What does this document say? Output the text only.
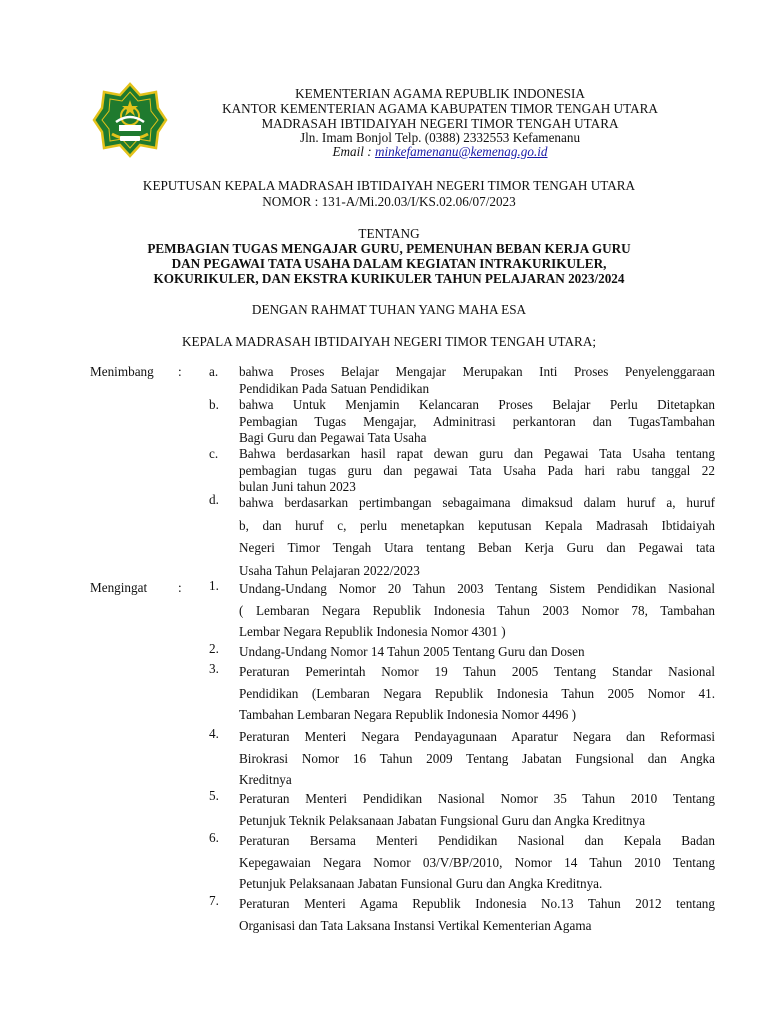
KEMENTERIAN AGAMA REPUBLIK INDONESIA
KANTOR KEMENTERIAN AGAMA KABUPATEN TIMOR TENGAH UTARA
MADRASAH IBTIDAIYAH NEGERI TIMOR TENGAH UTARA
Jln. Imam Bonjol Telp. (0388) 2332553 Kefamenanu
Email : minkefamenanu@kemenag.go.id
KEPUTUSAN KEPALA MADRASAH IBTIDAIYAH NEGERI TIMOR TENGAH UTARA
NOMOR : 131-A/Mi.20.03/I/KS.02.06/07/2023
TENTANG
PEMBAGIAN TUGAS MENGAJAR GURU, PEMENUHAN BEBAN KERJA GURU
DAN PEGAWAI TATA USAHA DALAM KEGIATAN INTRAKURIKULER,
KOKURIKULER, DAN EKSTRA KURIKULER TAHUN PELAJARAN 2023/2024
DENGAN RAHMAT TUHAN YANG MAHA ESA
KEPALA MADRASAH IBTIDAIYAH NEGERI TIMOR TENGAH UTARA;
Menimbang : a. bahwa Proses Belajar Mengajar Merupakan Inti Proses Penyelenggaraan
Pendidikan Pada Satuan Pendidikan
b. bahwa Untuk Menjamin Kelancaran Proses Belajar Perlu Ditetapkan
Pembagian Tugas Mengajar, Adminitrasi perkantoran dan TugasTambahan
Bagi Guru dan Pegawai Tata Usaha
c. Bahwa berdasarkan hasil rapat dewan guru dan Pegawai Tata Usaha tentang
pembagian tugas guru dan pegawai Tata Usaha Pada hari rabu tanggal 22
bulan Juni tahun 2023
d. bahwa berdasarkan pertimbangan sebagaimana dimaksud dalam huruf a, huruf
b, dan huruf c, perlu menetapkan keputusan Kepala Madrasah Ibtidaiyah
Negeri Timor Tengah Utara tentang Beban Kerja Guru dan Pegawai tata
Usaha Tahun Pelajaran 2022/2023
Mengingat : 1. Undang-Undang Nomor 20 Tahun 2003 Tentang Sistem Pendidikan Nasional
( Lembaran Negara Republik Indonesia Tahun 2003 Nomor 78, Tambahan
Lembar Negara Republik Indonesia Nomor 4301 )
2. Undang-Undang Nomor 14 Tahun 2005 Tentang Guru dan Dosen
3. Peraturan Pemerintah Nomor 19 Tahun 2005 Tentang Standar Nasional
Pendidikan (Lembaran Negara Republik Indonesia Tahun 2005 Nomor 41.
Tambahan Lembaran Negara Republik Indonesia Nomor 4496 )
4. Peraturan Menteri Negara Pendayagunaan Aparatur Negara dan Reformasi
Birokrasi Nomor 16 Tahun 2009 Tentang Jabatan Fungsional dan Angka
Kreditnya
5. Peraturan Menteri Pendidikan Nasional Nomor 35 Tahun 2010 Tentang
Petunjuk Teknik Pelaksanaan Jabatan Fungsional Guru dan Angka Kreditnya
6. Peraturan Bersama Menteri Pendidikan Nasional dan Kepala Badan
Kepegawaian Negara Nomor 03/V/BP/2010, Nomor 14 Tahun 2010 Tentang
Petunjuk Pelaksanaan Jabatan Funsional Guru dan Angka Kreditnya.
7. Peraturan Menteri Agama Republik Indonesia No.13 Tahun 2012 tentang
Organisasi dan Tata Laksana Instansi Vertikal Kementerian Agama
